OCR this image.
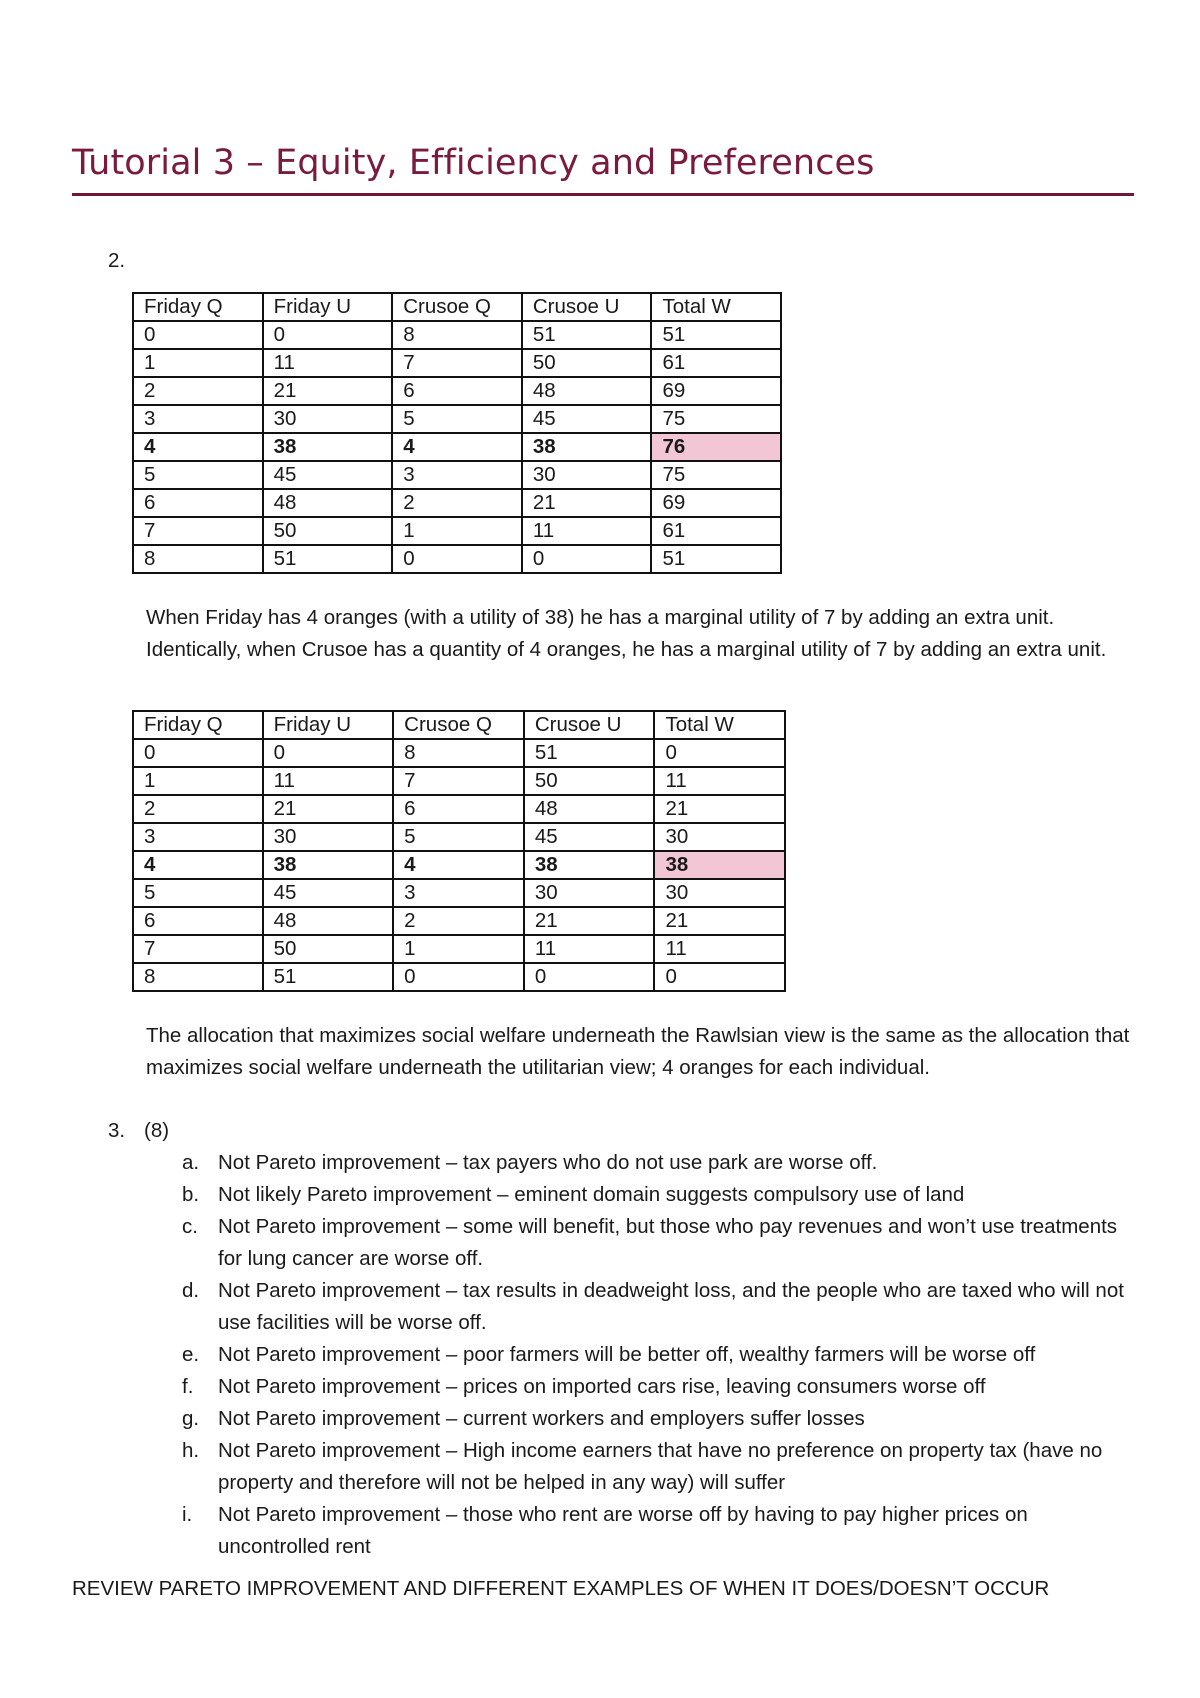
Tutorial 3 – Equity, Efficiency and Preferences
2.
Friday Q	Friday U	Crusoe Q	Crusoe U	Total W
0	0	8	51	51
1	11	7	50	61
2	21	6	48	69
3	30	5	45	75
4	38	4	38	76
5	45	3	30	75
6	48	2	21	69
7	50	1	11	61
8	51	0	0	51
When Friday has 4 oranges (with a utility of 38) he has a marginal utility of 7 by adding an extra unit. Identically, when Crusoe has a quantity of 4 oranges, he has a marginal utility of 7 by adding an extra unit.
Friday Q	Friday U	Crusoe Q	Crusoe U	Total W
0	0	8	51	0
1	11	7	50	11
2	21	6	48	21
3	30	5	45	30
4	38	4	38	38
5	45	3	30	30
6	48	2	21	21
7	50	1	11	11
8	51	0	0	0
The allocation that maximizes social welfare underneath the Rawlsian view is the same as the allocation that maximizes social welfare underneath the utilitarian view; 4 oranges for each individual.
3. (8)
a. Not Pareto improvement – tax payers who do not use park are worse off.
b. Not likely Pareto improvement – eminent domain suggests compulsory use of land
c. Not Pareto improvement – some will benefit, but those who pay revenues and won’t use treatments for lung cancer are worse off.
d. Not Pareto improvement – tax results in deadweight loss, and the people who are taxed who will not use facilities will be worse off.
e. Not Pareto improvement – poor farmers will be better off, wealthy farmers will be worse off
f.	Not Pareto improvement – prices on imported cars rise, leaving consumers worse off
g. Not Pareto improvement – current workers and employers suffer losses
h. Not Pareto improvement – High income earners that have no preference on property tax (have no property and therefore will not be helped in any way) will suffer
i.	Not Pareto improvement – those who rent are worse off by having to pay higher prices on uncontrolled rent
REVIEW PARETO IMPROVEMENT AND DIFFERENT EXAMPLES OF WHEN IT DOES/DOESN’T OCCUR
